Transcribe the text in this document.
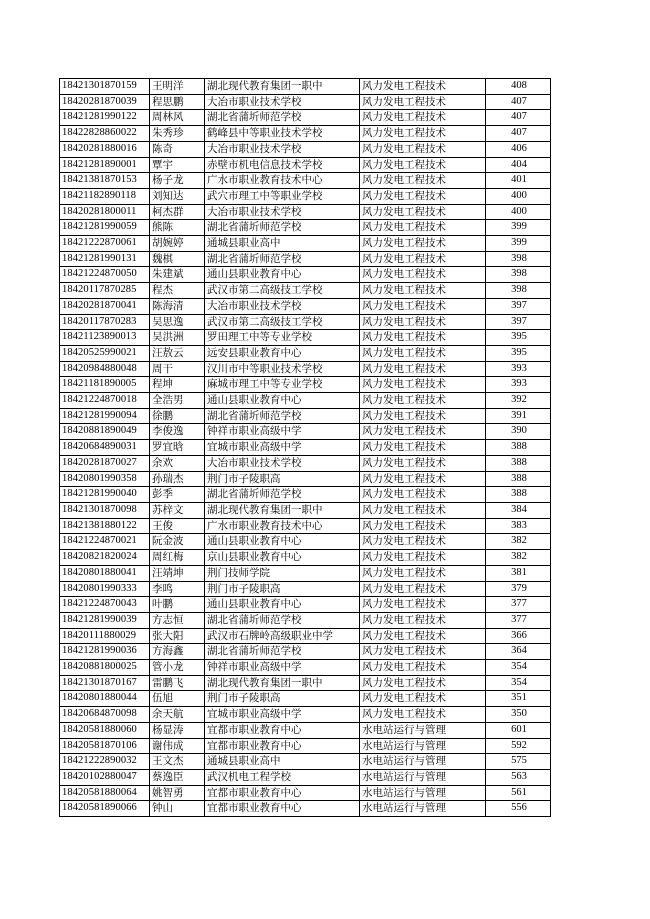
18421301870159	王明洋	湖北现代教育集团一职中	风力发电工程技术	408
18420281870039	程思鹏	大冶市职业技术学校	风力发电工程技术	407
18421281990122	周林风	湖北省蒲圻师范学校	风力发电工程技术	407
18422828860022	朱秀珍	鹤峰县中等职业技术学校	风力发电工程技术	407
18420281880016	陈奇	大冶市职业技术学校	风力发电工程技术	406
18421281890001	覃宇	赤壁市机电信息技术学校	风力发电工程技术	404
18421381870153	杨子龙	广水市职业教育技术中心	风力发电工程技术	401
18421182890118	刘知达	武穴市理工中等职业学校	风力发电工程技术	400
18420281800011	柯杰群	大冶市职业技术学校	风力发电工程技术	400
18421281990059	熊陈	湖北省蒲圻师范学校	风力发电工程技术	399
18421222870061	胡婉婷	通城县职业高中	风力发电工程技术	399
18421281990131	魏棋	湖北省蒲圻师范学校	风力发电工程技术	398
18421224870050	朱建斌	通山县职业教育中心	风力发电工程技术	398
18420117870285	程杰	武汉市第二高级技工学校	风力发电工程技术	398
18420281870041	陈海清	大冶市职业技术学校	风力发电工程技术	397
18420117870283	吴思逸	武汉市第二高级技工学校	风力发电工程技术	397
18421123890013	吴洪洲	罗田理工中等专业学校	风力发电工程技术	395
18420525990021	汪敖云	远安县职业教育中心	风力发电工程技术	395
18420984880048	周干	汉川市中等职业技术学校	风力发电工程技术	393
18421181890005	程坤	麻城市理工中等专业学校	风力发电工程技术	393
18421224870018	全浩男	通山县职业教育中心	风力发电工程技术	392
18421281990094	徐鹏	湖北省蒲圻师范学校	风力发电工程技术	391
18420881890049	李俊逸	钟祥市职业高级中学	风力发电工程技术	390
18420684890031	罗宜晗	宜城市职业高级中学	风力发电工程技术	388
18420281870027	余欢	大冶市职业技术学校	风力发电工程技术	388
18420801990358	孙瑞杰	荆门市子陵职高	风力发电工程技术	388
18421281990040	彭季	湖北省蒲圻师范学校	风力发电工程技术	388
18421301870098	苏梓文	湖北现代教育集团一职中	风力发电工程技术	384
18421381880122	王俊	广水市职业教育技术中心	风力发电工程技术	383
18421224870021	阮金波	通山县职业教育中心	风力发电工程技术	382
18420821820024	周红梅	京山县职业教育中心	风力发电工程技术	382
18420801880041	汪靖坤	荆门技师学院	风力发电工程技术	381
18420801990333	李鸣	荆门市子陵职高	风力发电工程技术	379
18421224870043	叶鹏	通山县职业教育中心	风力发电工程技术	377
18421281990039	方志恒	湖北省蒲圻师范学校	风力发电工程技术	377
18420111880029	张大阳	武汉市石牌岭高级职业中学	风力发电工程技术	366
18421281990036	方海鑫	湖北省蒲圻师范学校	风力发电工程技术	364
18420881800025	管小龙	钟祥市职业高级中学	风力发电工程技术	354
18421301870167	雷鹏飞	湖北现代教育集团一职中	风力发电工程技术	354
18420801880044	伍旭	荆门市子陵职高	风力发电工程技术	351
18420684870098	余天航	宜城市职业高级中学	风力发电工程技术	350
18420581880060	杨显涛	宜都市职业教育中心	水电站运行与管理	601
18420581870106	谢伟成	宜都市职业教育中心	水电站运行与管理	592
18421222890032	王文杰	通城县职业高中	水电站运行与管理	575
18420102880047	蔡逸臣	武汉机电工程学校	水电站运行与管理	563
18420581880064	姚智勇	宜都市职业教育中心	水电站运行与管理	561
18420581890066	钟山	宜都市职业教育中心	水电站运行与管理	556
